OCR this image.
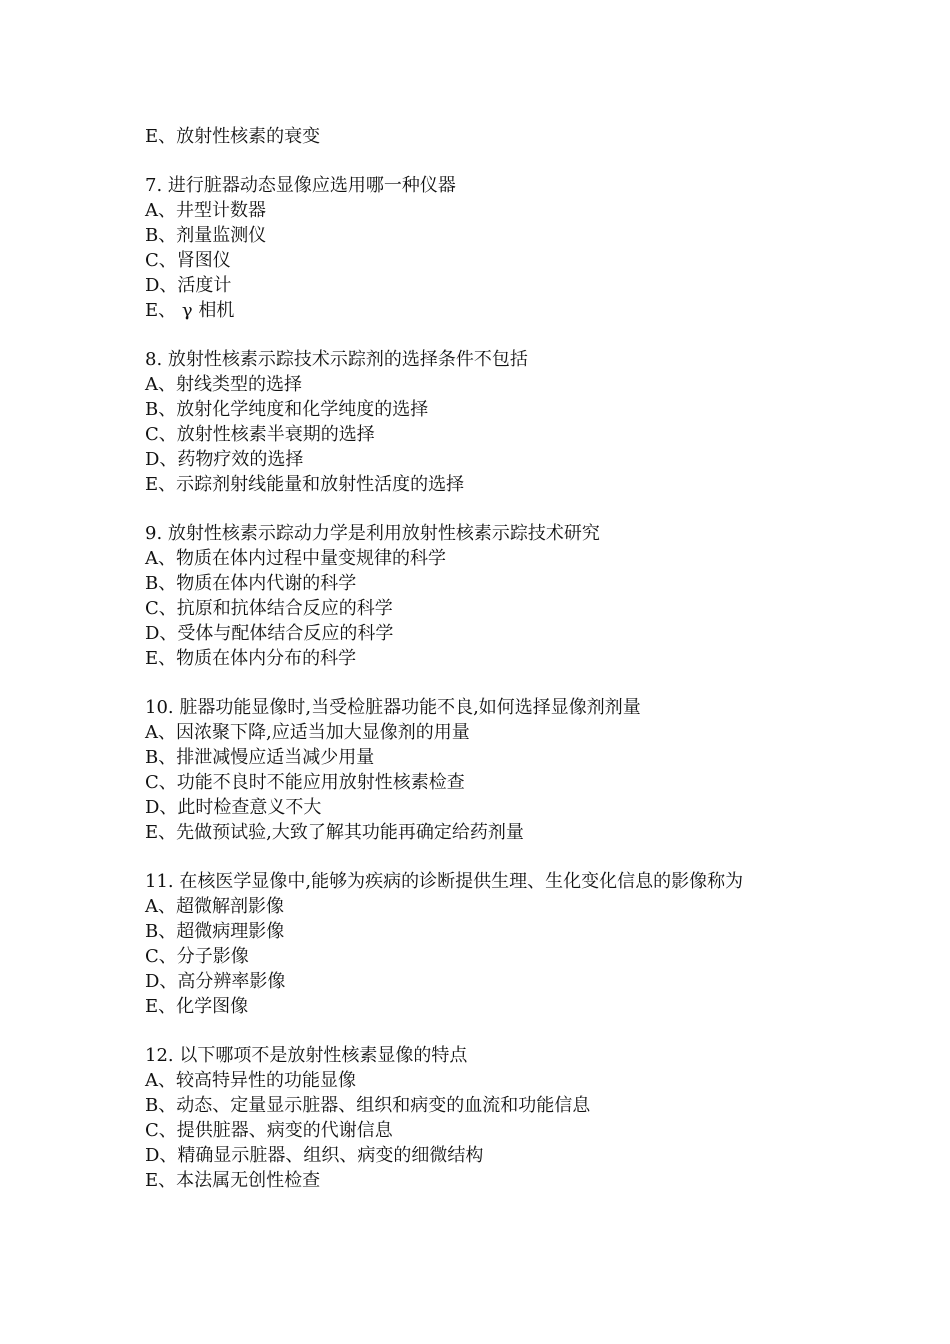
E、放射性核素的衰变
7. 进行脏器动态显像应选用哪一种仪器
A、井型计数器
B、剂量监测仪
C、肾图仪
D、活度计
E、 γ 相机
8. 放射性核素示踪技术示踪剂的选择条件不包括
A、射线类型的选择
B、放射化学纯度和化学纯度的选择
C、放射性核素半衰期的选择
D、药物疗效的选择
E、示踪剂射线能量和放射性活度的选择
9. 放射性核素示踪动力学是利用放射性核素示踪技术研究
A、物质在体内过程中量变规律的科学
B、物质在体内代谢的科学
C、抗原和抗体结合反应的科学
D、受体与配体结合反应的科学
E、物质在体内分布的科学
10. 脏器功能显像时,当受检脏器功能不良,如何选择显像剂剂量
A、因浓聚下降,应适当加大显像剂的用量
B、排泄减慢应适当减少用量
C、功能不良时不能应用放射性核素检查
D、此时检查意义不大
E、先做预试验,大致了解其功能再确定给药剂量
11. 在核医学显像中,能够为疾病的诊断提供生理、生化变化信息的影像称为
A、超微解剖影像
B、超微病理影像
C、分子影像
D、高分辨率影像
E、化学图像
12. 以下哪项不是放射性核素显像的特点
A、较高特异性的功能显像
B、动态、定量显示脏器、组织和病变的血流和功能信息
C、提供脏器、病变的代谢信息
D、精确显示脏器、组织、病变的细微结构
E、本法属无创性检查
